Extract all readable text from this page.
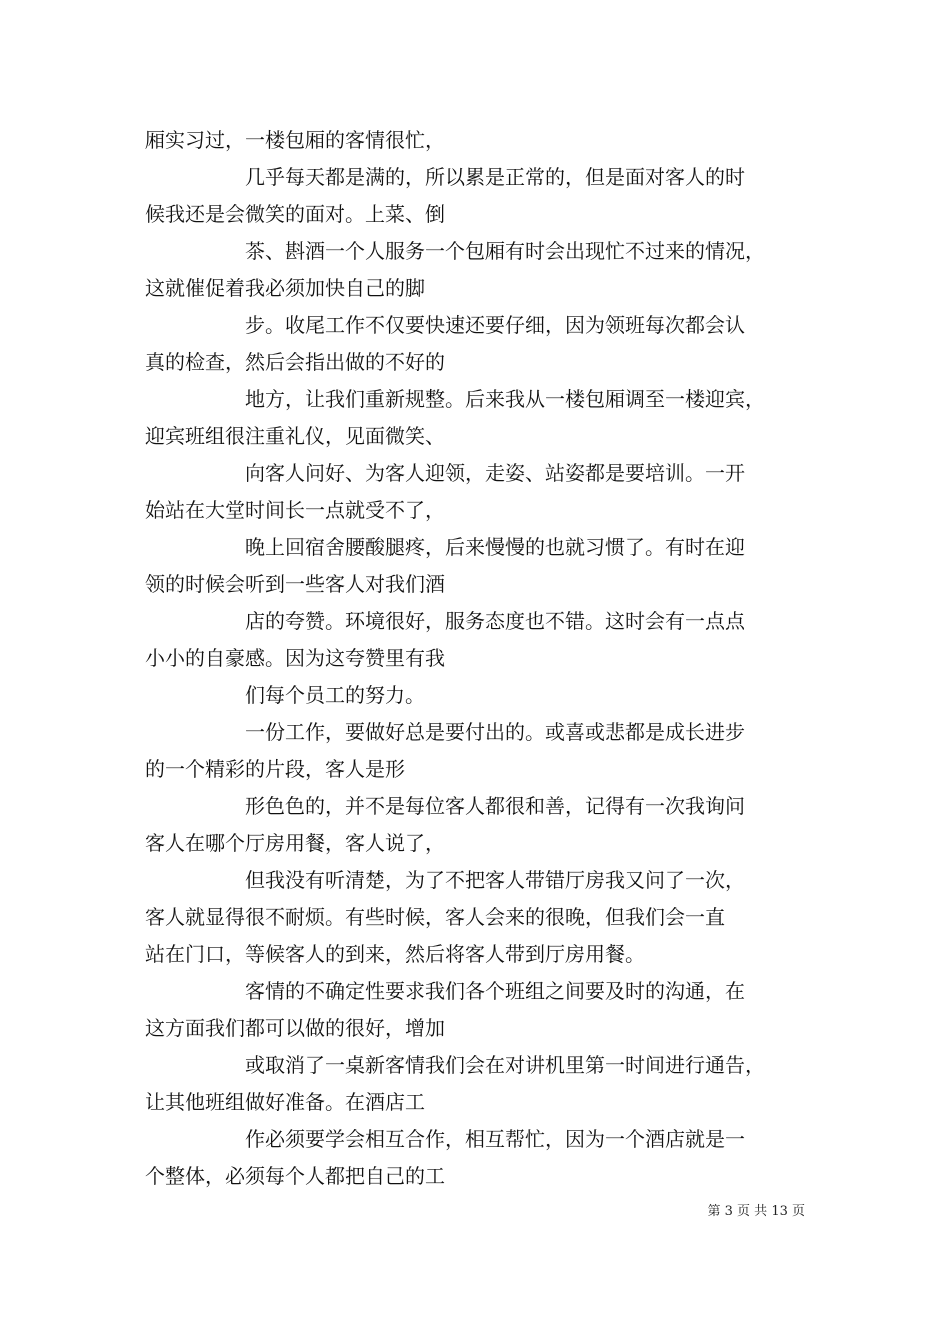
厢实习过，一楼包厢的客情很忙，
几乎每天都是满的，所以累是正常的，但是面对客人的时
候我还是会微笑的面对。上菜、倒
茶、斟酒一个人服务一个包厢有时会出现忙不过来的情况，
这就催促着我必须加快自己的脚
步。收尾工作不仅要快速还要仔细，因为领班每次都会认
真的检查，然后会指出做的不好的
地方，让我们重新规整。后来我从一楼包厢调至一楼迎宾，
迎宾班组很注重礼仪，见面微笑、
向客人问好、为客人迎领，走姿、站姿都是要培训。一开
始站在大堂时间长一点就受不了，
晚上回宿舍腰酸腿疼，后来慢慢的也就习惯了。有时在迎
领的时候会听到一些客人对我们酒
店的夸赞。环境很好，服务态度也不错。这时会有一点点
小小的自豪感。因为这夸赞里有我
们每个员工的努力。
一份工作，要做好总是要付出的。或喜或悲都是成长进步
的一个精彩的片段，客人是形
形色色的，并不是每位客人都很和善，记得有一次我询问
客人在哪个厅房用餐，客人说了，
但我没有听清楚，为了不把客人带错厅房我又问了一次，
客人就显得很不耐烦。有些时候，客人会来的很晚，但我们会一直
站在门口，等候客人的到来，然后将客人带到厅房用餐。
客情的不确定性要求我们各个班组之间要及时的沟通，在
这方面我们都可以做的很好，增加
或取消了一桌新客情我们会在对讲机里第一时间进行通告，
让其他班组做好准备。在酒店工
作必须要学会相互合作，相互帮忙，因为一个酒店就是一
个整体，必须每个人都把自己的工

第 3 页 共 13 页
